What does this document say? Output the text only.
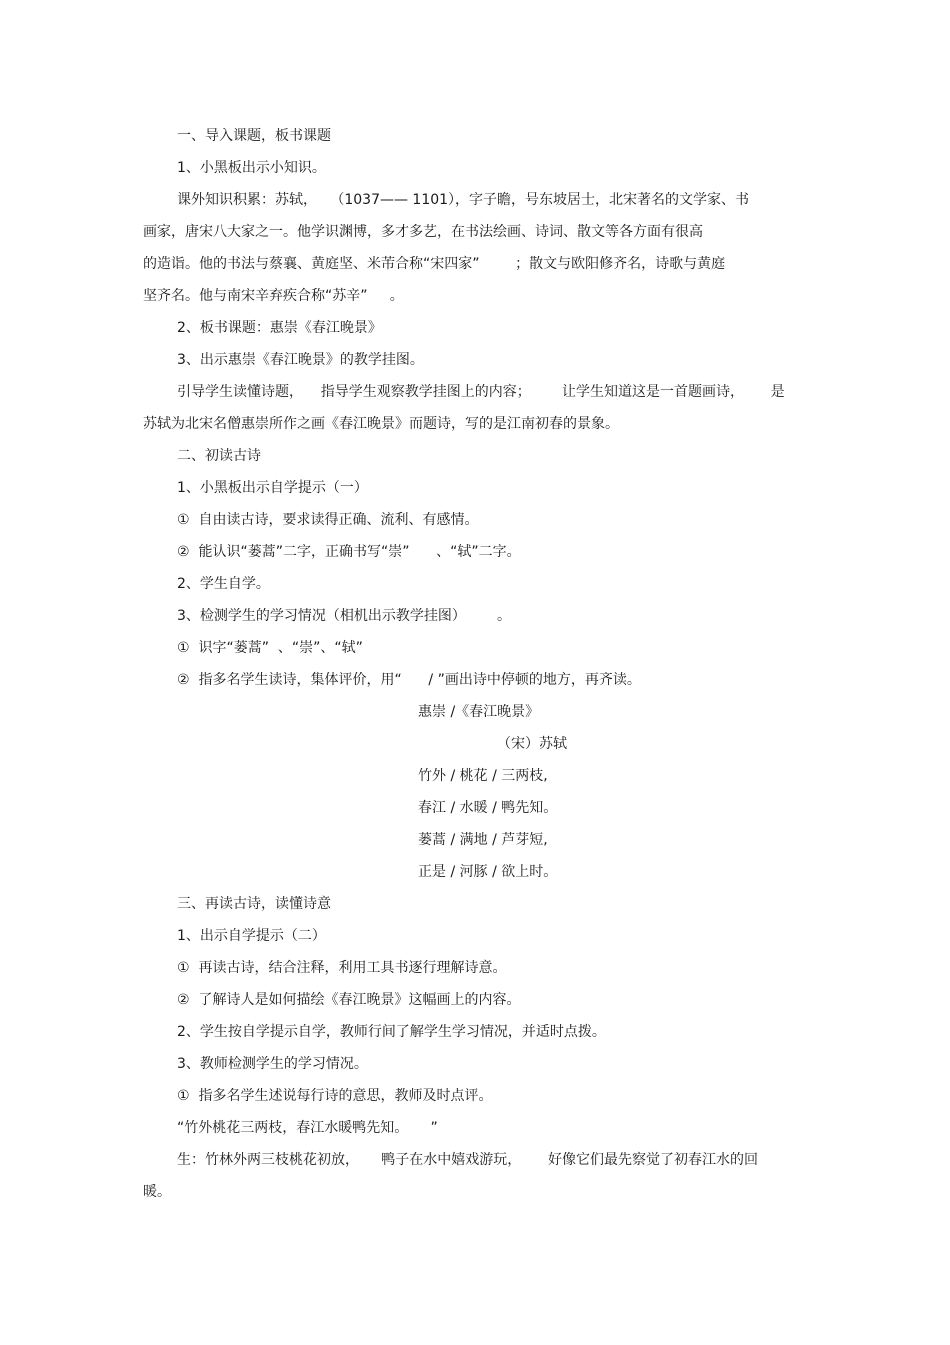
一、导入课题，板书课题
1、小黑板出示小知识。
课外知识积累：苏轼，   （1037—— 1101），字子瞻，号东坡居士，北宋著名的文学家、书
画家，唐宋八大家之一。他学识渊博，多才多艺，在书法绘画、诗词、散文等各方面有很高
的造诣。他的书法与蔡襄、黄庭坚、米芾合称“宋四家”        ；散文与欧阳修齐名，诗歌与黄庭
坚齐名。他与南宋辛弃疾合称“苏辛”     。
2、板书课题：惠崇《春江晚景》
3、出示惠崇《春江晚景》的教学挂图。
引导学生读懂诗题，    指导学生观察教学挂图上的内容；       让学生知道这是一首题画诗，      是
苏轼为北宋名僧惠崇所作之画《春江晚景》而题诗，写的是江南初春的景象。
二、初读古诗
1、小黑板出示自学提示（一）
①  自由读古诗，要求读得正确、流利、有感情。
②  能认识“蒌蒿”二字，正确书写“崇”      、“轼”二字。
2、学生自学。
3、检测学生的学习情况（相机出示教学挂图）       。
①  识字“蒌蒿”  、“崇”、“轼”
②  指多名学生读诗，集体评价，用“      / ”画出诗中停顿的地方，再齐读。
惠崇 /《春江晚景》
（宋）苏轼
竹外 / 桃花 / 三两枝,
春江 / 水暖 / 鸭先知。
蒌蒿 / 满地 / 芦芽短,
正是 / 河豚 / 欲上时。
三、再读古诗，读懂诗意
1、出示自学提示（二）
①  再读古诗，结合注释，利用工具书逐行理解诗意。
②  了解诗人是如何描绘《春江晚景》这幅画上的内容。
2、学生按自学提示自学，教师行间了解学生学习情况，并适时点拨。
3、教师检测学生的学习情况。
①  指多名学生述说每行诗的意思，教师及时点评。
“竹外桃花三两枝，春江水暖鸭先知。     ”
生：竹林外两三枝桃花初放，     鸭子在水中嬉戏游玩，      好像它们最先察觉了初春江水的回
暖。
